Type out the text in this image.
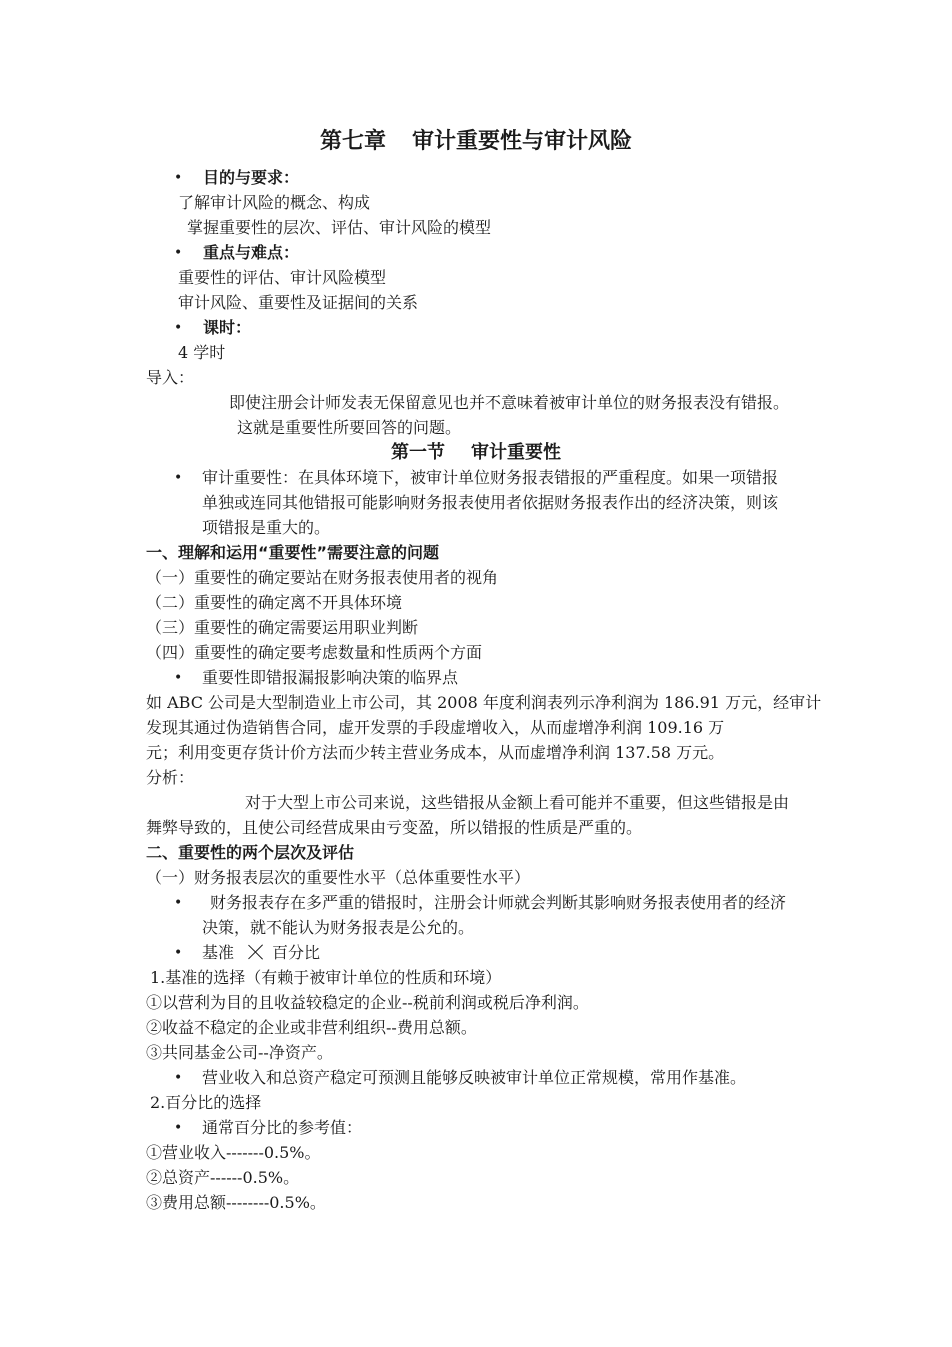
第七章 审计重要性与审计风险
• 目的与要求：
了解审计风险的概念、构成
掌握重要性的层次、评估、审计风险的模型
• 重点与难点：
重要性的评估、审计风险模型
审计风险、重要性及证据间的关系
• 课时：
4 学时
导入：
即使注册会计师发表无保留意见也并不意味着被审计单位的财务报表没有错报。
这就是重要性所要回答的问题。
第一节 审计重要性
• 审计重要性：在具体环境下，被审计单位财务报表错报的严重程度。如果一项错报
单独或连同其他错报可能影响财务报表使用者依据财务报表作出的经济决策，则该
项错报是重大的。
一、理解和运用“重要性”需要注意的问题
（一）重要性的确定要站在财务报表使用者的视角
（二）重要性的确定离不开具体环境
（三）重要性的确定需要运用职业判断
（四）重要性的确定要考虑数量和性质两个方面
• 重要性即错报漏报影响决策的临界点
如 ABC 公司是大型制造业上市公司，其 2008 年度利润表列示净利润为 186.91 万元，经审计
发现其通过伪造销售合同，虚开发票的手段虚增收入，从而虚增净利润 109.16 万
元；利用变更存货计价方法而少转主营业务成本，从而虚增净利润 137.58 万元。
分析：
对于大型上市公司来说，这些错报从金额上看可能并不重要，但这些错报是由
舞弊导致的，且使公司经营成果由亏变盈，所以错报的性质是严重的。
二、重要性的两个层次及评估
（一）财务报表层次的重要性水平（总体重要性水平）
• 财务报表存在多严重的错报时，注册会计师就会判断其影响财务报表使用者的经济
决策，就不能认为财务报表是公允的。
• 基准 百分比
1.基准的选择（有赖于被审计单位的性质和环境）
①以营利为目的且收益较稳定的企业--税前利润或税后净利润。
②收益不稳定的企业或非营利组织--费用总额。
③共同基金公司--净资产。
• 营业收入和总资产稳定可预测且能够反映被审计单位正常规模，常用作基准。
2.百分比的选择
• 通常百分比的参考值：
①营业收入-------0.5%。
②总资产------0.5%。
③费用总额--------0.5%。
